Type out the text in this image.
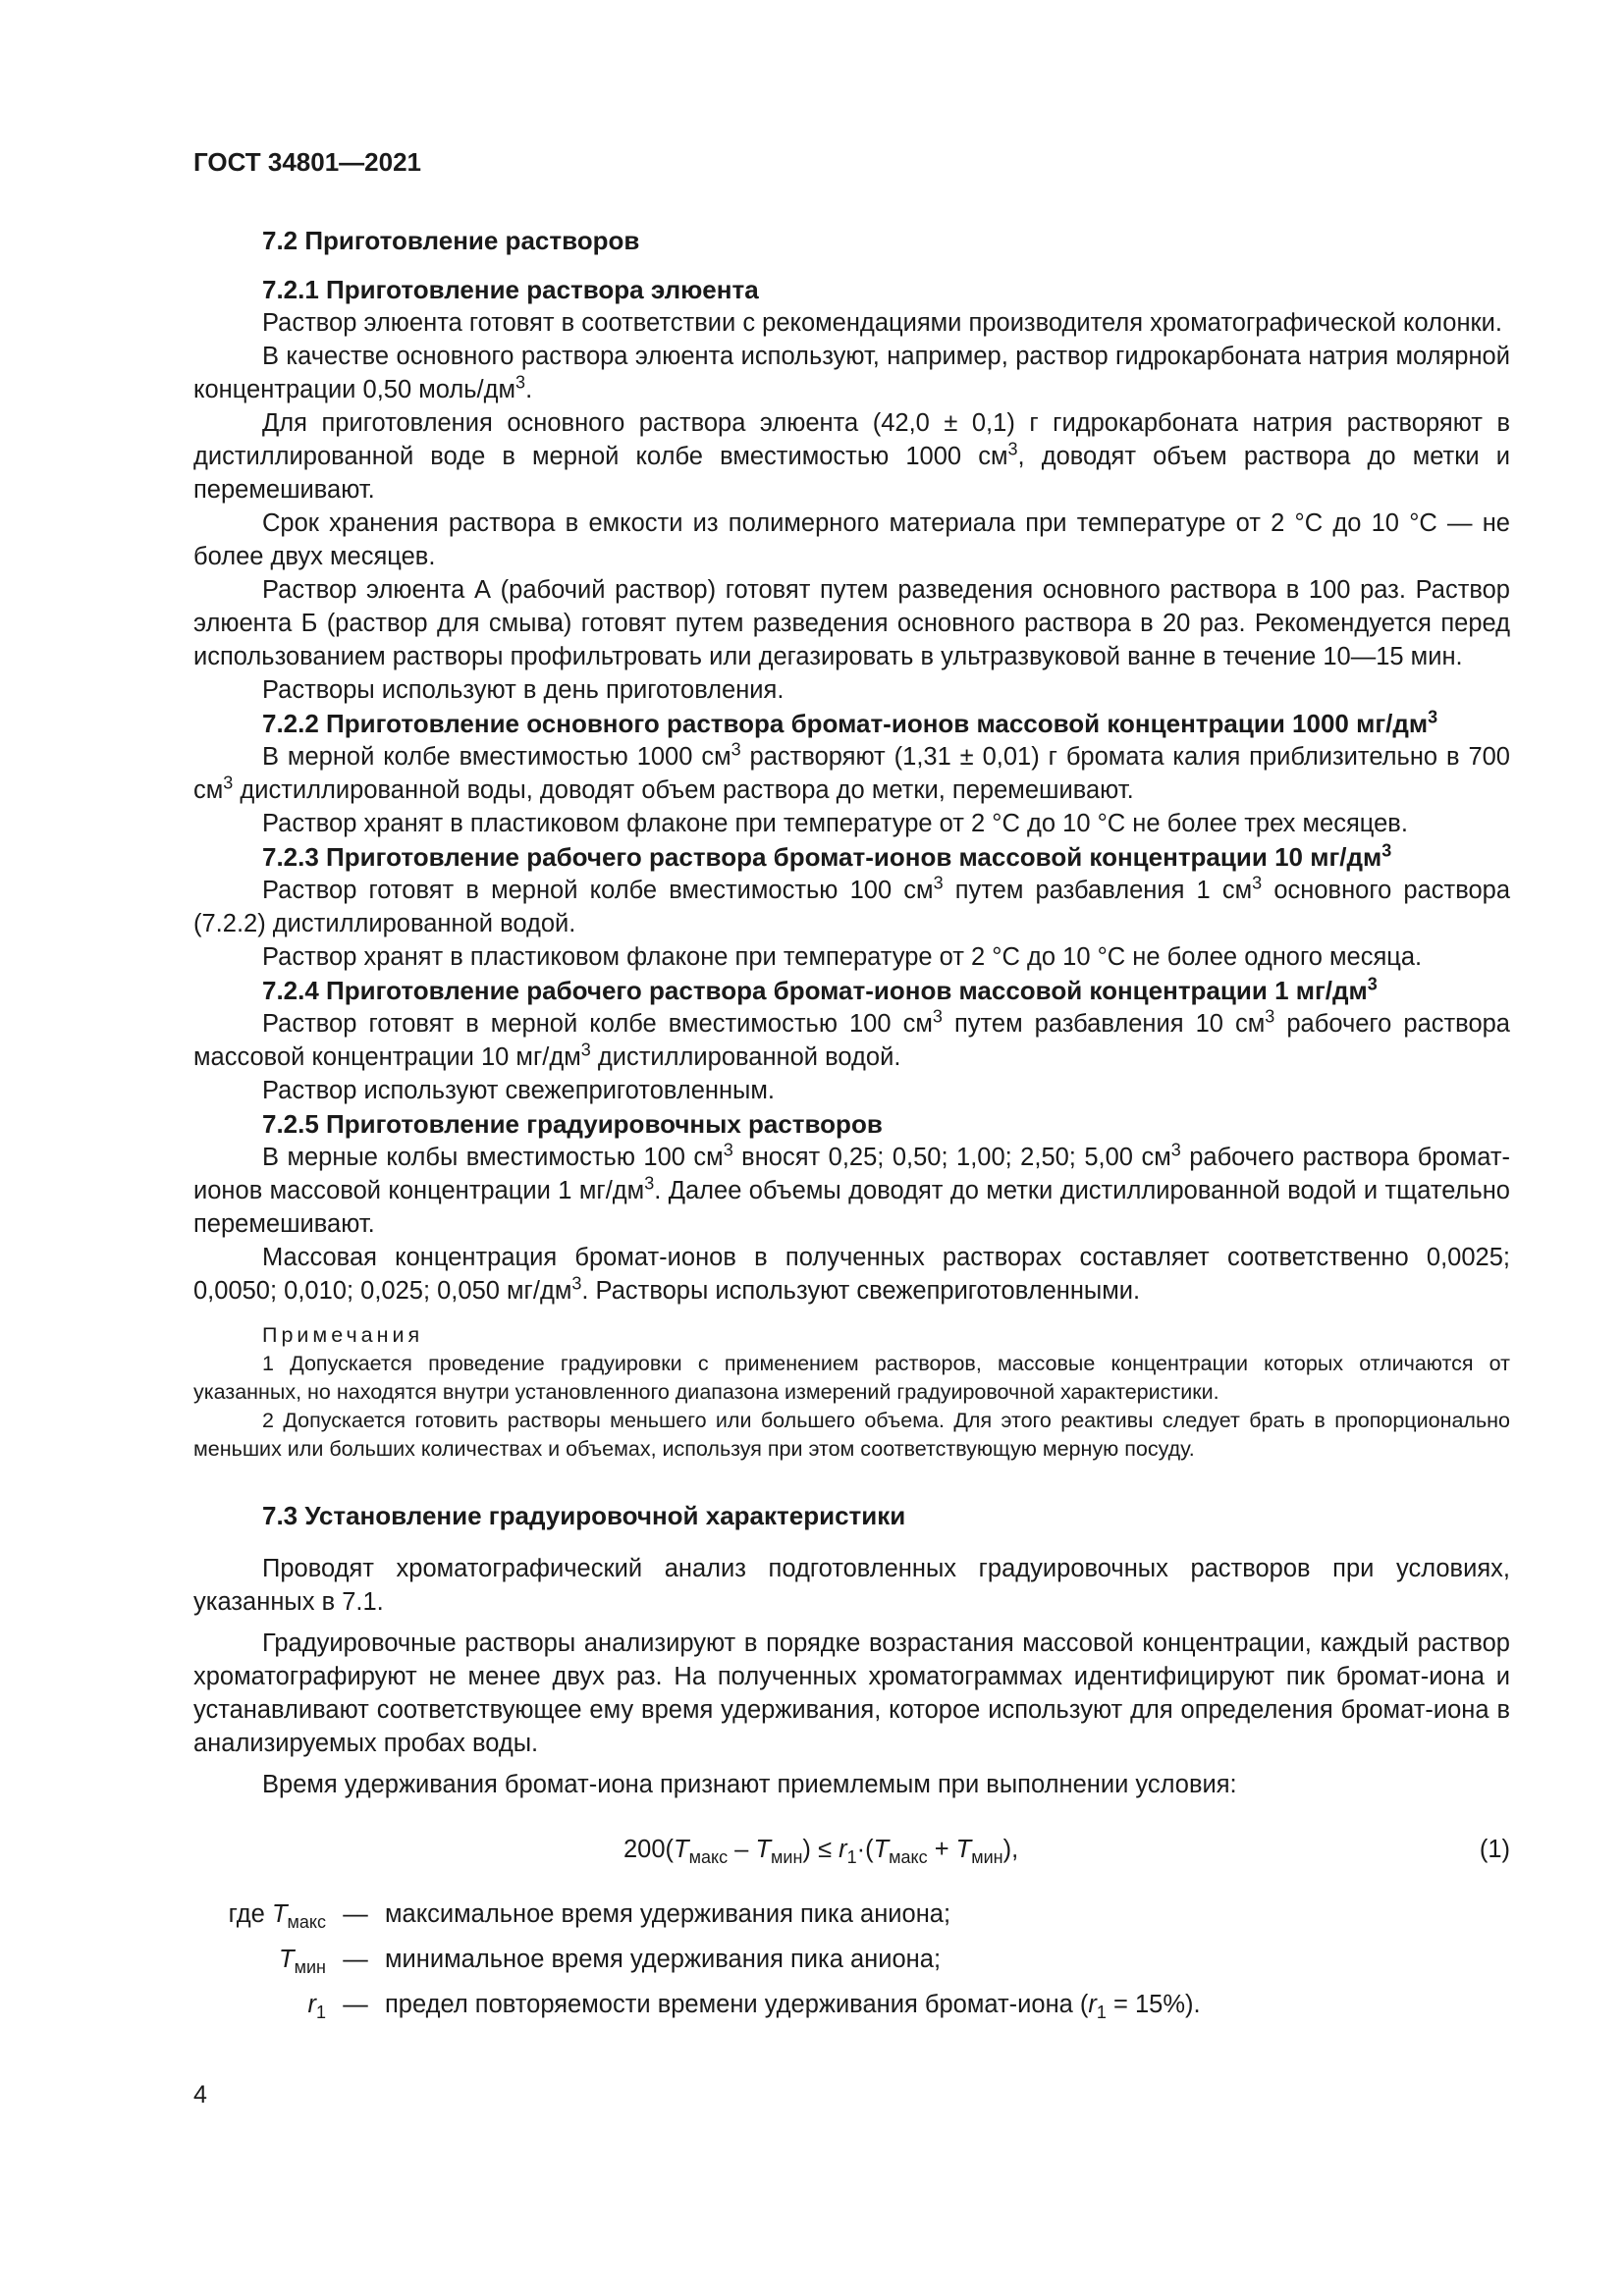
ГОСТ 34801—2021
7.2 Приготовление растворов
7.2.1 Приготовление раствора элюента

Раствор элюента готовят в соответствии с рекомендациями производителя хроматографической колонки.

В качестве основного раствора элюента используют, например, раствор гидрокарбоната натрия молярной концентрации 0,50 моль/$дм^3$.

Для приготовления основного раствора элюента (42,0 ± 0,1) г гидрокарбоната натрия растворяют в дистиллированной воде в мерной колбе вместимостью 1000 $см^3$, доводят объем раствора до метки и перемешивают.

Срок хранения раствора в емкости из полимерного материала при температуре от 2 °С до 10 °С — не более двух месяцев.

Раствор элюента А (рабочий раствор) готовят путем разведения основного раствора в 100 раз. Раствор элюента Б (раствор для смыва) готовят путем разведения основного раствора в 20 раз. Рекомендуется перед использованием растворы профильтровать или дегазировать в ультразвуковой ванне в течение 10—15 мин.

Растворы используют в день приготовления.

7.2.2 Приготовление основного раствора бромат-ионов массовой концентрации 1000 $мг/дм^3$

В мерной колбе вместимостью 1000 $см^3$ растворяют (1,31 ± 0,01) г бромата калия приблизительно в 700 $см^3$ дистиллированной воды, доводят объем раствора до метки, перемешивают.

Раствор хранят в пластиковом флаконе при температуре от 2 °С до 10 °С не более трех месяцев.

7.2.3 Приготовление рабочего раствора бромат-ионов массовой концентрации 10 $мг/дм^3$

Раствор готовят в мерной колбе вместимостью 100 $см^3$ путем разбавления 1 $см^3$ основного раствора (7.2.2) дистиллированной водой.

Раствор хранят в пластиковом флаконе при температуре от 2 °С до 10 °С не более одного месяца.

7.2.4 Приготовление рабочего раствора бромат-ионов массовой концентрации 1 $мг/дм^3$

Раствор готовят в мерной колбе вместимостью 100 $см^3$ путем разбавления 10 $см^3$ рабочего раствора массовой концентрации 10 $мг/дм^3$ дистиллированной водой.

Раствор используют свежеприготовленным.

7.2.5 Приготовление градуировочных растворов

В мерные колбы вместимостью 100 $см^3$ вносят 0,25; 0,50; 1,00; 2,50; 5,00 $см^3$ рабочего раствора бромат-ионов массовой концентрации 1 $мг/дм^3$. Далее объемы доводят до метки дистиллированной водой и тщательно перемешивают.

Массовая концентрация бромат-ионов в полученных растворах составляет соответственно 0,0025; 0,0050; 0,010; 0,025; 0,050 $мг/дм^3$. Растворы используют свежеприготовленными.

Примечания

1 Допускается проведение градуировки с применением растворов, массовые концентрации которых отличаются от указанных, но находятся внутри установленного диапазона измерений градуировочной характеристики.

2 Допускается готовить растворы меньшего или большего объема. Для этого реактивы следует брать в пропорционально меньших или больших количествах и объемах, используя при этом соответствующую мерную посуду.

7.3 Установление градуировочной характеристики

Проводят хроматографический анализ подготовленных градуировочных растворов при условиях, указанных в 7.1.

Градуировочные растворы анализируют в порядке возрастания массовой концентрации, каждый раствор хроматографируют не менее двух раз. На полученных хроматограммах идентифицируют пик бромат-иона и устанавливают соответствующее ему время удерживания, которое используют для определения бромат-иона в анализируемых пробах воды.

Время удерживания бромат-иона признают приемлемым при выполнении условия:

$200(T_{макс} - T_{мин}) \le r_1\cdot(T_{макс} + T_{мин})$,	(1)
где $T_{макс}$ — максимальное время удерживания пика аниона;
$T_{мин}$ — минимальное время удерживания пика аниона;
$r_1$ — предел повторяемости времени удерживания бромат-иона $(r_1 = 15\%)$.
4
